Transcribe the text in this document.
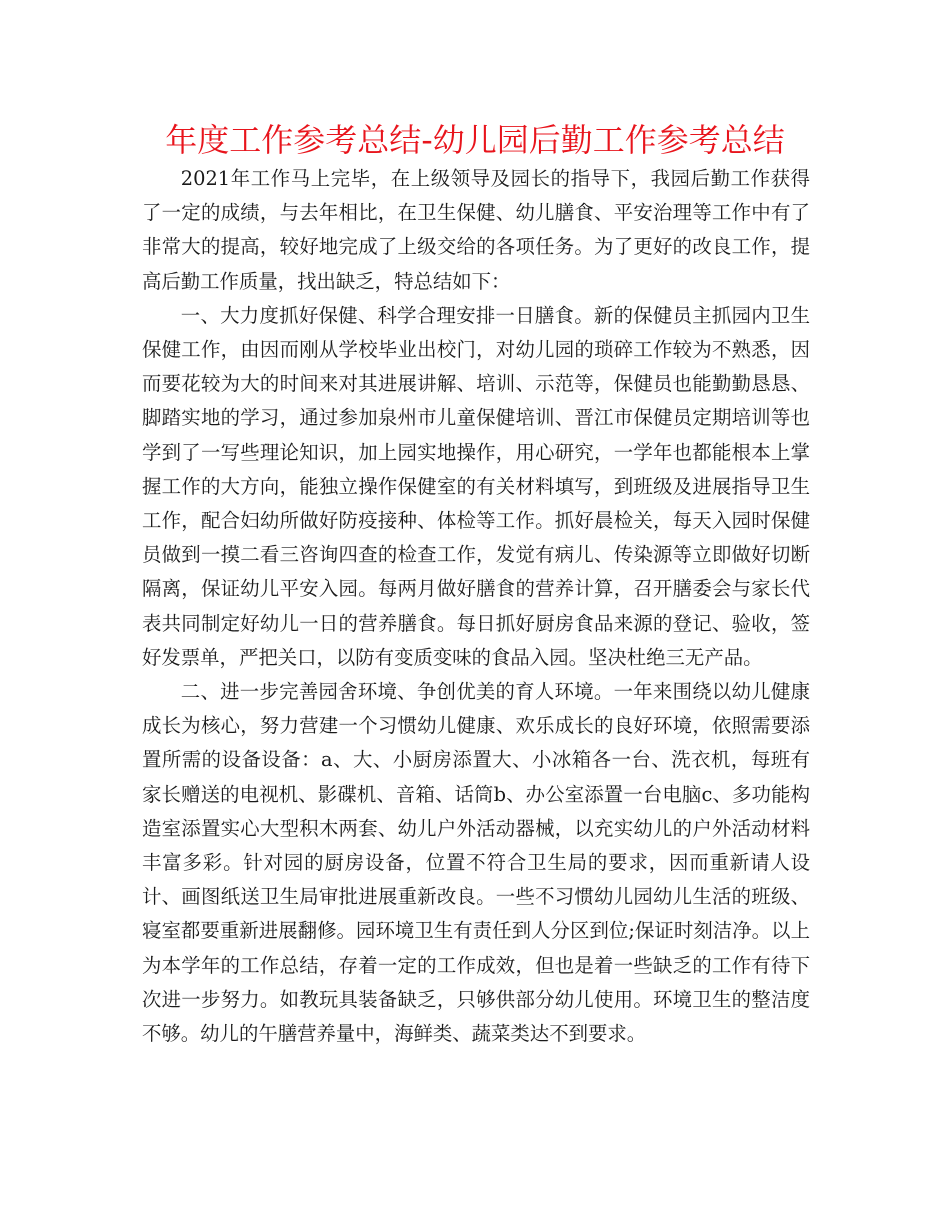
年度工作参考总结-幼儿园后勤工作参考总结

2021年工作马上完毕，在上级领导及园长的指导下，我园后勤工作获得了一定的成绩，与去年相比，在卫生保健、幼儿膳食、平安治理等工作中有了非常大的提高，较好地完成了上级交给的各项任务。为了更好的改良工作，提高后勤工作质量，找出缺乏，特总结如下：

一、大力度抓好保健、科学合理安排一日膳食。新的保健员主抓园内卫生保健工作，由因而刚从学校毕业出校门，对幼儿园的琐碎工作较为不熟悉，因而要花较为大的时间来对其进展讲解、培训、示范等，保健员也能勤勤恳恳、脚踏实地的学习，通过参加泉州市儿童保健培训、晋江市保健员定期培训等也学到了一写些理论知识，加上园实地操作，用心研究，一学年也都能根本上掌握工作的大方向，能独立操作保健室的有关材料填写，到班级及进展指导卫生工作，配合妇幼所做好防疫接种、体检等工作。抓好晨检关，每天入园时保健员做到一摸二看三咨询四查的检查工作，发觉有病儿、传染源等立即做好切断隔离，保证幼儿平安入园。每两月做好膳食的营养计算，召开膳委会与家长代表共同制定好幼儿一日的营养膳食。每日抓好厨房食品来源的登记、验收，签好发票单，严把关口，以防有变质变味的食品入园。坚决杜绝三无产品。

二、进一步完善园舍环境、争创优美的育人环境。一年来围绕以幼儿健康成长为核心，努力营建一个习惯幼儿健康、欢乐成长的良好环境，依照需要添置所需的设备设备：a、大、小厨房添置大、小冰箱各一台、洗衣机，每班有家长赠送的电视机、影碟机、音箱、话筒b、办公室添置一台电脑c、多功能构造室添置实心大型积木两套、幼儿户外活动器械，以充实幼儿的户外活动材料丰富多彩。针对园的厨房设备，位置不符合卫生局的要求，因而重新请人设计、画图纸送卫生局审批进展重新改良。一些不习惯幼儿园幼儿生活的班级、寝室都要重新进展翻修。园环境卫生有责任到人分区到位;保证时刻洁净。以上为本学年的工作总结，存着一定的工作成效，但也是着一些缺乏的工作有待下次进一步努力。如教玩具装备缺乏，只够供部分幼儿使用。环境卫生的整洁度不够。幼儿的午膳营养量中，海鲜类、蔬菜类达不到要求。
